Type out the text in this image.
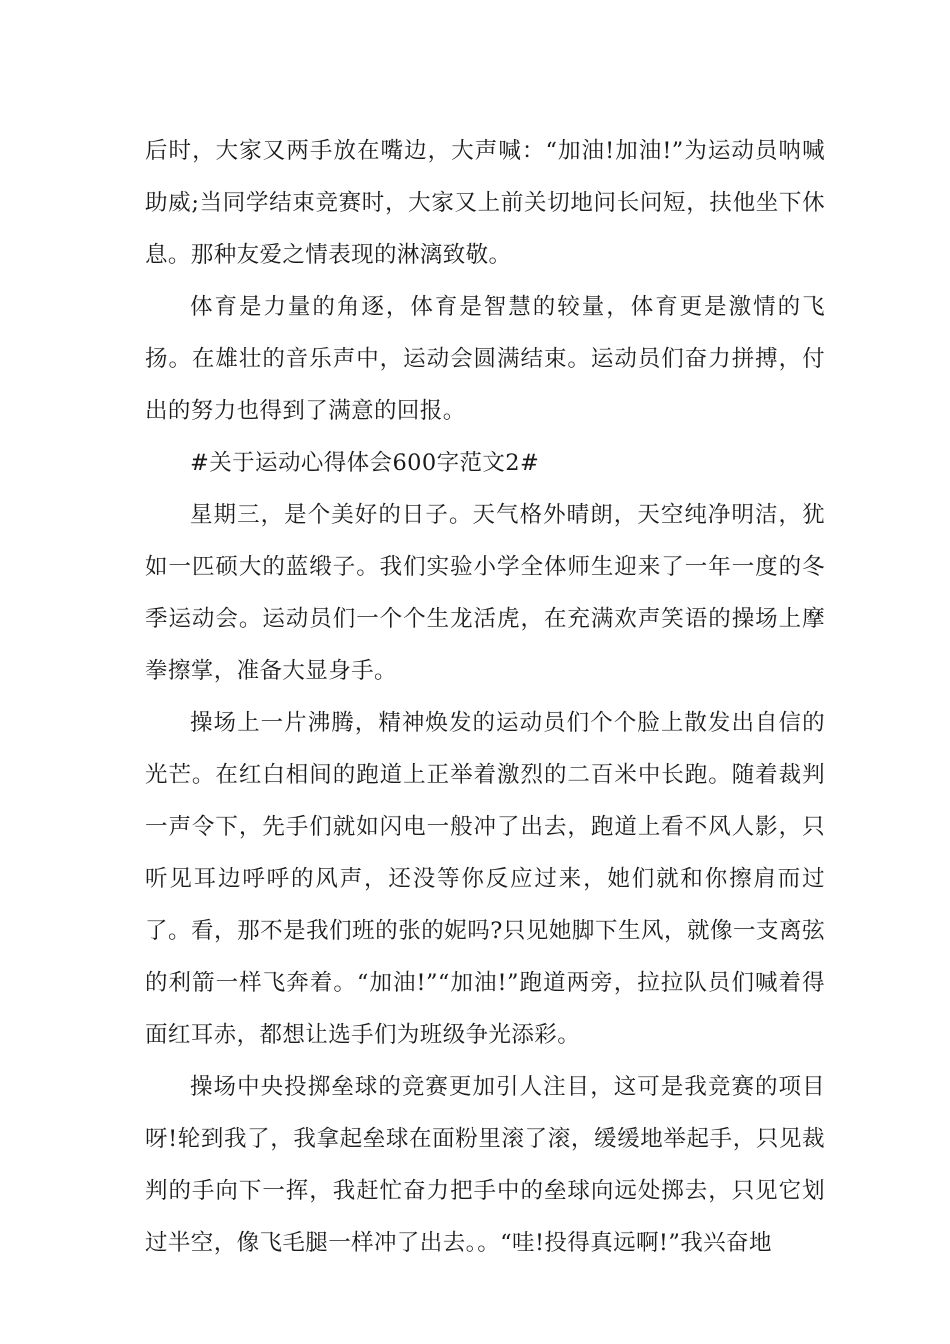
后时，大家又两手放在嘴边，大声喊：“加油!加油!”为运动员呐喊助威;当同学结束竞赛时，大家又上前关切地问长问短，扶他坐下休息。那种友爱之情表现的淋漓致敬。

体育是力量的角逐，体育是智慧的较量，体育更是激情的飞扬。在雄壮的音乐声中，运动会圆满结束。运动员们奋力拼搏，付出的努力也得到了满意的回报。

#关于运动心得体会600字范文2#

星期三，是个美好的日子。天气格外晴朗，天空纯净明洁，犹如一匹硕大的蓝缎子。我们实验小学全体师生迎来了一年一度的冬季运动会。运动员们一个个生龙活虎，在充满欢声笑语的操场上摩拳擦掌，准备大显身手。

操场上一片沸腾，精神焕发的运动员们个个脸上散发出自信的光芒。在红白相间的跑道上正举着激烈的二百米中长跑。随着裁判一声令下，先手们就如闪电一般冲了出去，跑道上看不风人影，只听见耳边呼呼的风声，还没等你反应过来，她们就和你擦肩而过了。看，那不是我们班的张的妮吗?只见她脚下生风，就像一支离弦的利箭一样飞奔着。“加油!”“加油!”跑道两旁，拉拉队员们喊着得面红耳赤，都想让选手们为班级争光添彩。

操场中央投掷垒球的竞赛更加引人注目，这可是我竞赛的项目呀!轮到我了，我拿起垒球在面粉里滚了滚，缓缓地举起手，只见裁判的手向下一挥，我赶忙奋力把手中的垒球向远处掷去，只见它划过半空，像飞毛腿一样冲了出去。。“哇!投得真远啊!”我兴奋地
